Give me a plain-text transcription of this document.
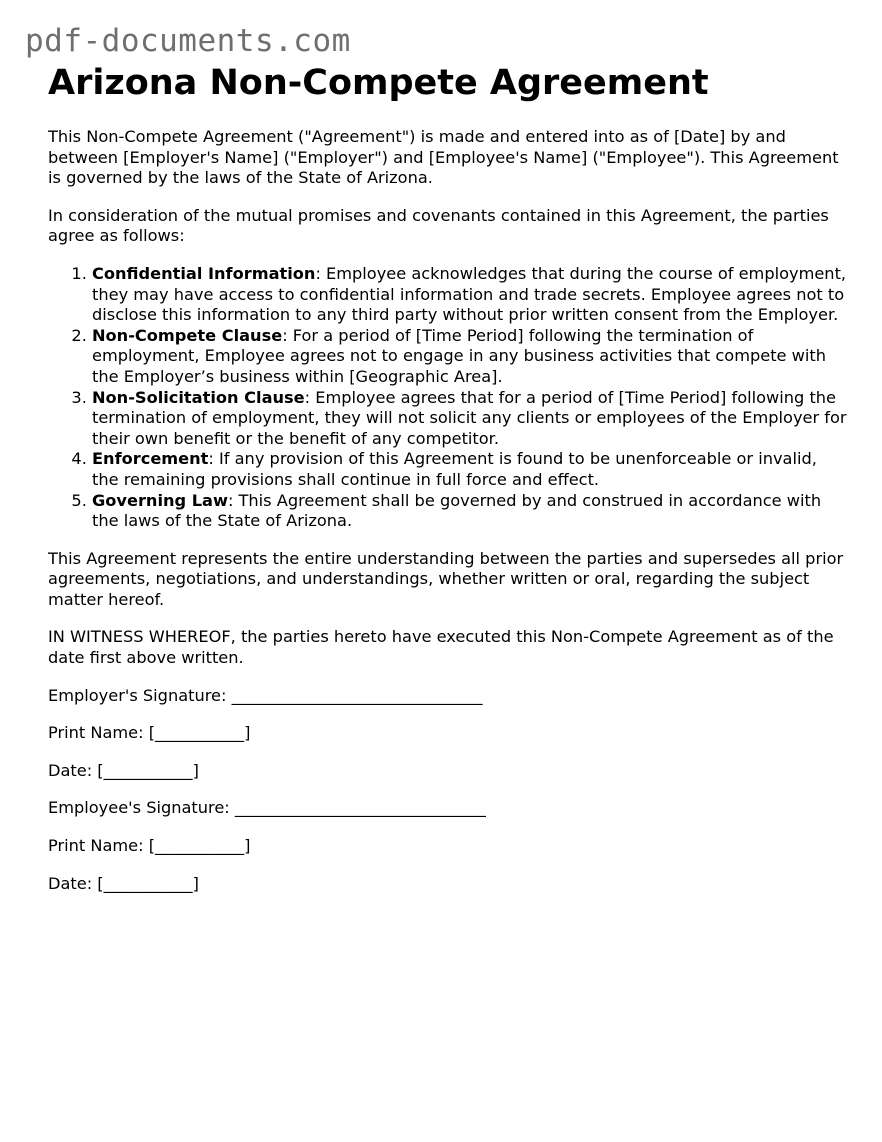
pdf-documents.com
Arizona Non-Compete Agreement

This Non-Compete Agreement ("Agreement") is made and entered into as of [Date] by and between [Employer's Name] ("Employer") and [Employee's Name] ("Employee"). This Agreement is governed by the laws of the State of Arizona.

In consideration of the mutual promises and covenants contained in this Agreement, the parties agree as follows:

1. Confidential Information: Employee acknowledges that during the course of employment, they may have access to confidential information and trade secrets. Employee agrees not to disclose this information to any third party without prior written consent from the Employer.
2. Non-Compete Clause: For a period of [Time Period] following the termination of employment, Employee agrees not to engage in any business activities that compete with the Employer’s business within [Geographic Area].
3. Non-Solicitation Clause: Employee agrees that for a period of [Time Period] following the termination of employment, they will not solicit any clients or employees of the Employer for their own benefit or the benefit of any competitor.
4. Enforcement: If any provision of this Agreement is found to be unenforceable or invalid, the remaining provisions shall continue in full force and effect.
5. Governing Law: This Agreement shall be governed by and construed in accordance with the laws of the State of Arizona.

This Agreement represents the entire understanding between the parties and supersedes all prior agreements, negotiations, and understandings, whether written or oral, regarding the subject matter hereof.

IN WITNESS WHEREOF, the parties hereto have executed this Non-Compete Agreement as of the date first above written.

Employer's Signature: _______________________________

Print Name: [___________]

Date: [___________]

Employee's Signature: _______________________________

Print Name: [___________]

Date: [___________]
